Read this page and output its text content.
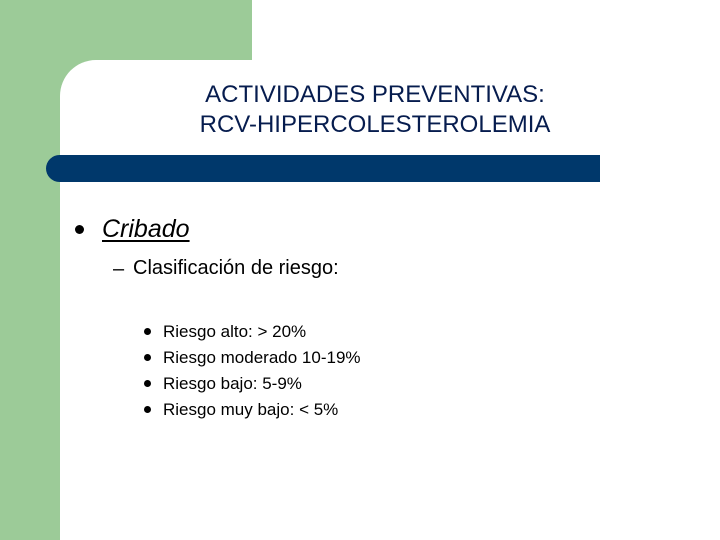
ACTIVIDADES PREVENTIVAS:
RCV-HIPERCOLESTEROLEMIA
Cribado
– Clasificación de riesgo:
Riesgo alto: > 20%
Riesgo moderado 10-19%
Riesgo bajo: 5-9%
Riesgo muy bajo: < 5%
